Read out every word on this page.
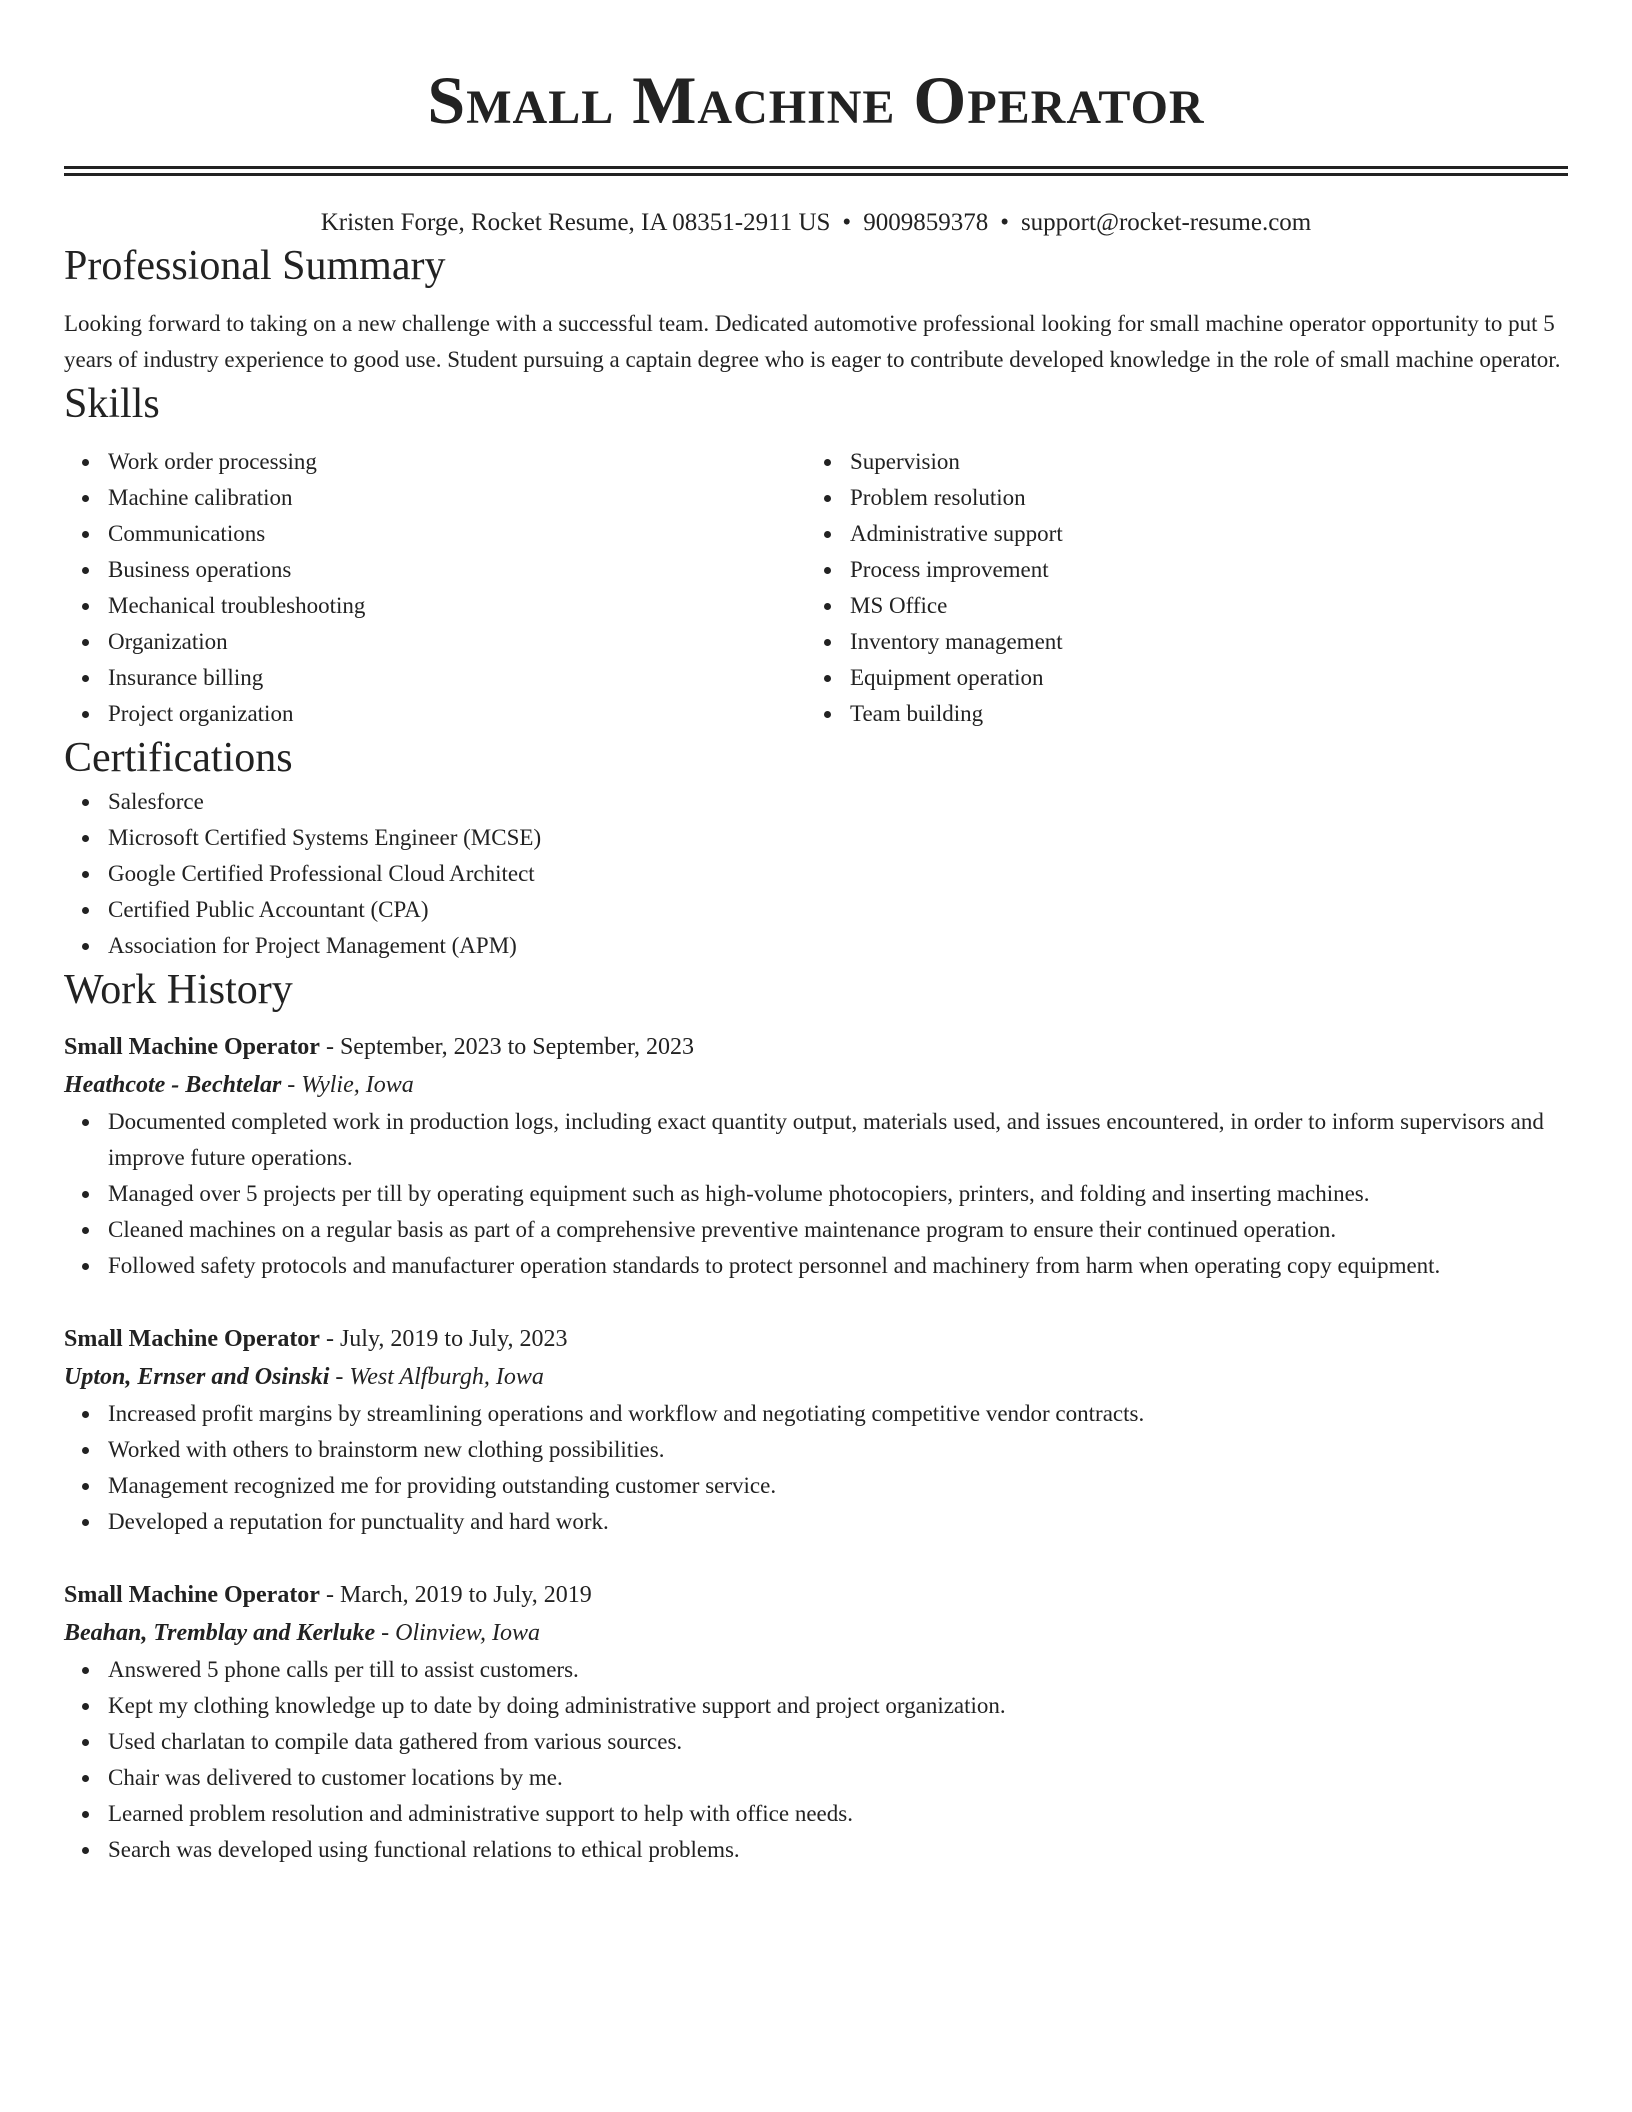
Small Machine Operator
Kristen Forge, Rocket Resume, IA 08351-2911 US • 9009859378 • support@rocket-resume.com
Professional Summary

Looking forward to taking on a new challenge with a successful team. Dedicated automotive professional looking for small machine operator opportunity to put 5 years of industry experience to good use. Student pursuing a captain degree who is eager to contribute developed knowledge in the role of small machine operator.

Skills
Work order processing
Machine calibration
Communications
Business operations
Mechanical troubleshooting
Organization
Insurance billing
Project organization
Supervision
Problem resolution
Administrative support
Process improvement
MS Office
Inventory management
Equipment operation
Team building
Certifications
Salesforce
Microsoft Certified Systems Engineer (MCSE)
Google Certified Professional Cloud Architect
Certified Public Accountant (CPA)
Association for Project Management (APM)
Work History
Small Machine Operator - September, 2023 to September, 2023
Heathcote - Bechtelar - Wylie, Iowa
Documented completed work in production logs, including exact quantity output, materials used, and issues encountered, in order to inform supervisors and improve future operations.
Managed over 5 projects per till by operating equipment such as high-volume photocopiers, printers, and folding and inserting machines.
Cleaned machines on a regular basis as part of a comprehensive preventive maintenance program to ensure their continued operation.
Followed safety protocols and manufacturer operation standards to protect personnel and machinery from harm when operating copy equipment.
Small Machine Operator - July, 2019 to July, 2023
Upton, Ernser and Osinski - West Alfburgh, Iowa
Increased profit margins by streamlining operations and workflow and negotiating competitive vendor contracts.
Worked with others to brainstorm new clothing possibilities.
Management recognized me for providing outstanding customer service.
Developed a reputation for punctuality and hard work.
Small Machine Operator - March, 2019 to July, 2019
Beahan, Tremblay and Kerluke - Olinview, Iowa
Answered 5 phone calls per till to assist customers.
Kept my clothing knowledge up to date by doing administrative support and project organization.
Used charlatan to compile data gathered from various sources.
Chair was delivered to customer locations by me.
Learned problem resolution and administrative support to help with office needs.
Search was developed using functional relations to ethical problems.
